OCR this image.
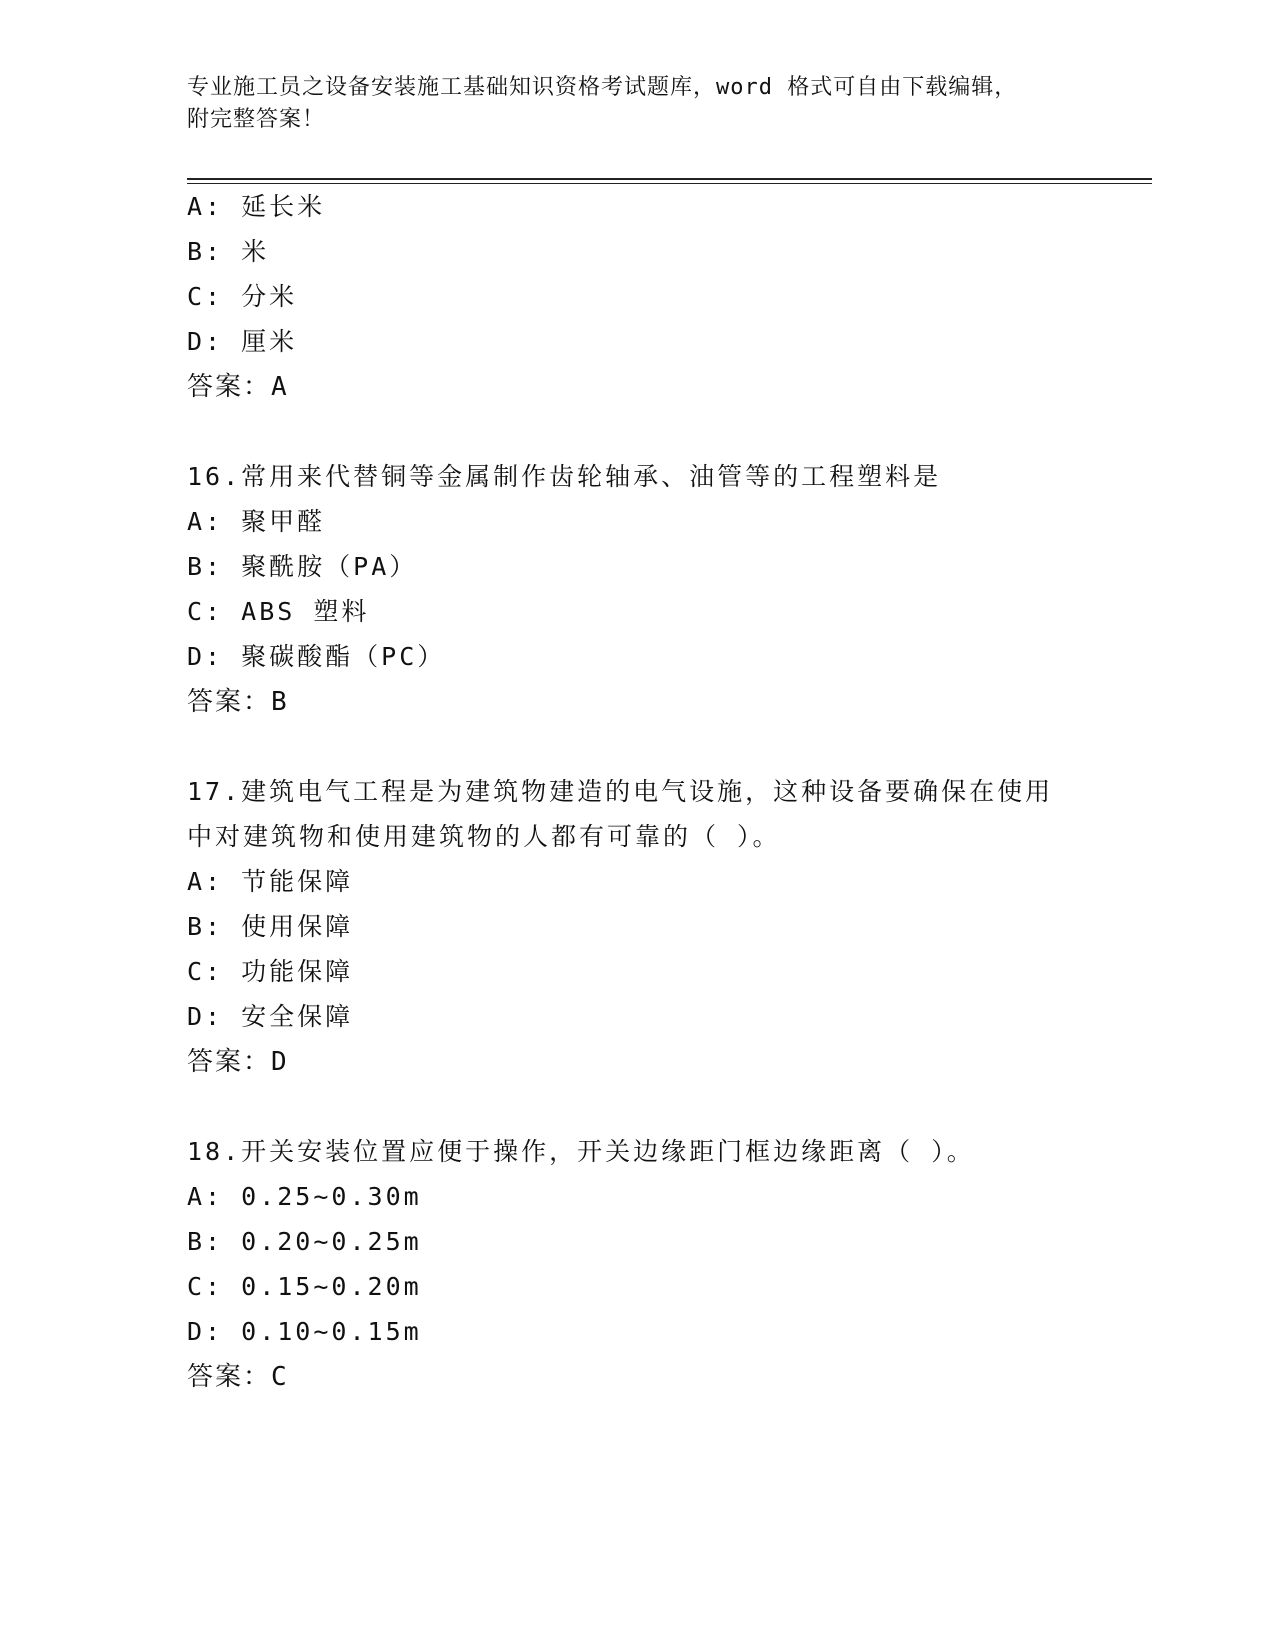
专业施工员之设备安装施工基础知识资格考试题库，word 格式可自由下载编辑，
附完整答案！
A: 延长米
B: 米
C: 分米
D: 厘米
答案：A
16.常用来代替铜等金属制作齿轮轴承、油管等的工程塑料是
A: 聚甲醛
B: 聚酰胺（PA）
C: ABS 塑料
D: 聚碳酸酯（PC）
答案：B
17.建筑电气工程是为建筑物建造的电气设施，这种设备要确保在使用
中对建筑物和使用建筑物的人都有可靠的（ ）。
A: 节能保障
B: 使用保障
C: 功能保障
D: 安全保障
答案：D
18.开关安装位置应便于操作，开关边缘距门框边缘距离（ ）。
A: 0.25~0.30m
B: 0.20~0.25m
C: 0.15~0.20m
D: 0.10~0.15m
答案：C
